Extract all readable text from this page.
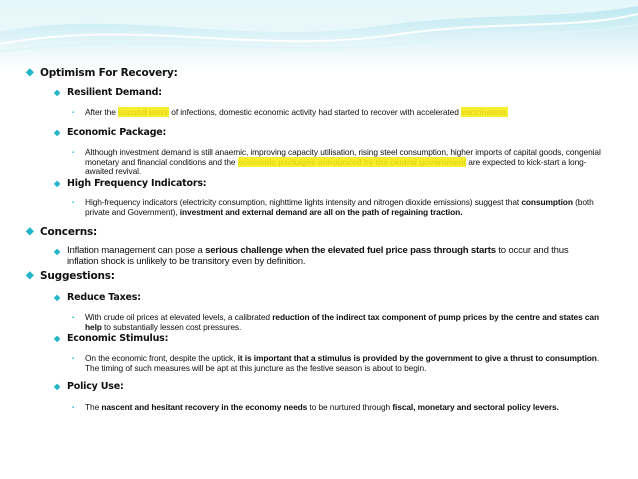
◆ Optimism For Recovery:
◆ Resilient Demand:
▪	After the second wave of infections, domestic economic activity had started to recover with accelerated vaccination.
◆ Economic Package:
▪	Although investment demand is still anaemic, improving capacity utilisation, rising steel consumption, higher imports of capital goods, congenial monetary and financial conditions and the economic packages announced by the central government are expected to kick-start a long-awaited revival.
◆ High Frequency Indicators:
▪	High-frequency indicators (electricity consumption, nighttime lights intensity and nitrogen dioxide emissions) suggest that consumption (both private and Government), investment and external demand are all on the path of regaining traction.
◆ Concerns:
◆ Inflation management can pose a serious challenge when the elevated fuel price pass through starts to occur and thus inflation shock is unlikely to be transitory even by definition.
◆ Suggestions:
◆ Reduce Taxes:
▪	With crude oil prices at elevated levels, a calibrated reduction of the indirect tax component of pump prices by the centre and states can help to substantially lessen cost pressures.
◆ Economic Stimulus:
▪	On the economic front, despite the uptick, it is important that a stimulus is provided by the government to give a thrust to consumption. The timing of such measures will be apt at this juncture as the festive season is about to begin.
◆ Policy Use:
▪	The nascent and hesitant recovery in the economy needs to be nurtured through fiscal, monetary and sectoral policy levers.
